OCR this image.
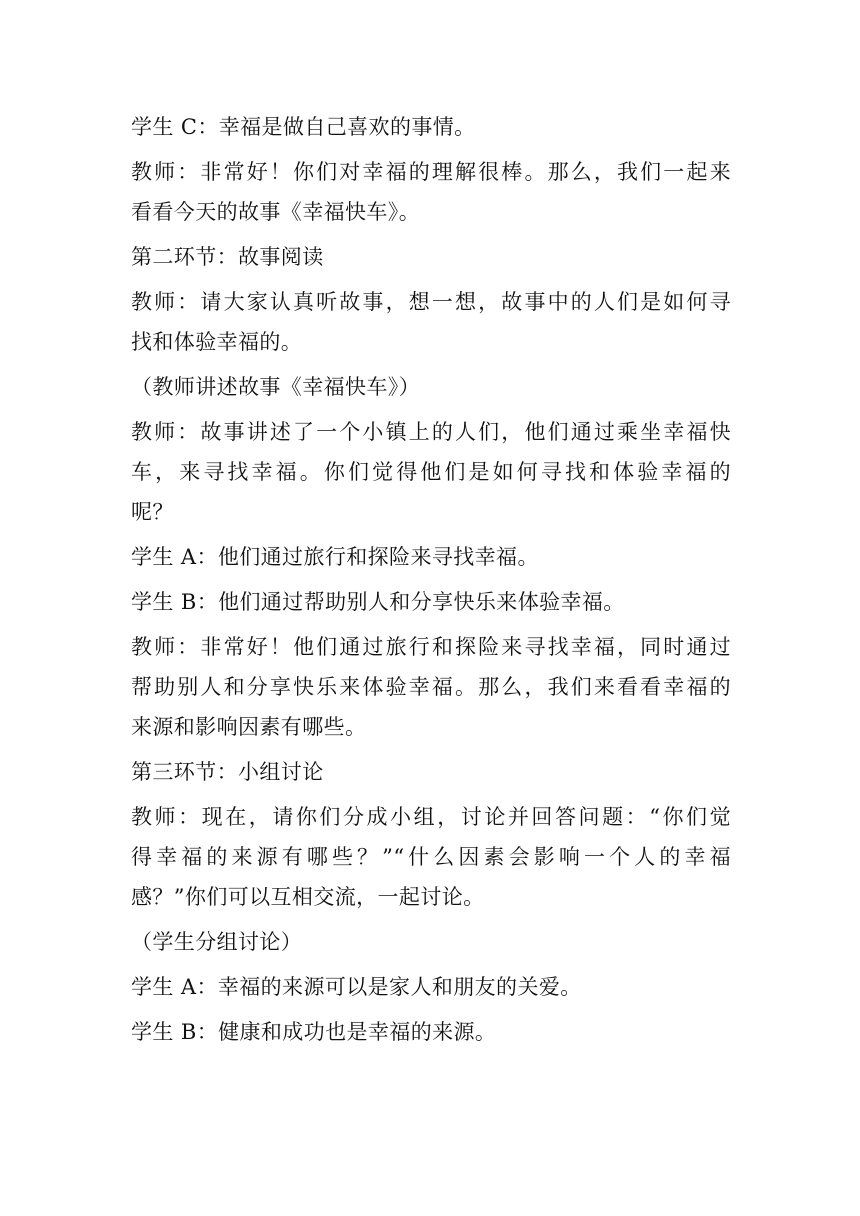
学生 C：幸福是做自己喜欢的事情。

教师：非常好！你们对幸福的理解很棒。那么，我们一起来

看看今天的故事《幸福快车》。

第二环节：故事阅读

教师：请大家认真听故事，想一想，故事中的人们是如何寻

找和体验幸福的。

（教师讲述故事《幸福快车》）

教师：故事讲述了一个小镇上的人们，他们通过乘坐幸福快

车，来寻找幸福。你们觉得他们是如何寻找和体验幸福的

呢？

学生 A：他们通过旅行和探险来寻找幸福。

学生 B：他们通过帮助别人和分享快乐来体验幸福。

教师：非常好！他们通过旅行和探险来寻找幸福，同时通过

帮助别人和分享快乐来体验幸福。那么，我们来看看幸福的

来源和影响因素有哪些。

第三环节：小组讨论

教师：现在，请你们分成小组，讨论并回答问题：“你们觉

得幸福的来源有哪些？”“什么因素会影响一个人的幸福

感？”你们可以互相交流，一起讨论。

（学生分组讨论）

学生 A：幸福的来源可以是家人和朋友的关爱。

学生 B：健康和成功也是幸福的来源。
